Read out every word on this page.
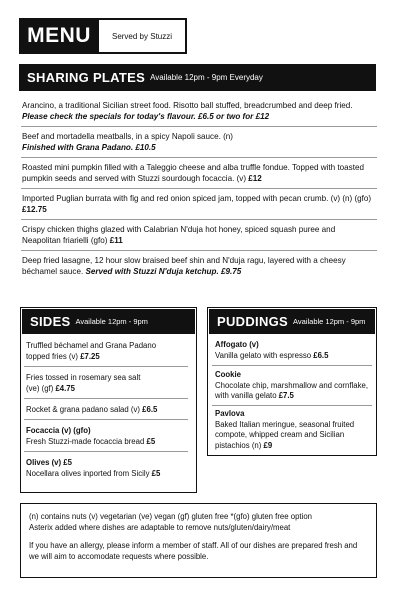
MENU	Served by Stuzzi
SHARING PLATES Available 12pm - 9pm Everyday
Arancino, a traditional Sicilian street food. Risotto ball stuffed, breadcrumbed and deep fried. Please check the specials for today's flavour. £6.5 or two for £12
Beef and mortadella meatballs, in a spicy Napoli sauce. (n)
Finished with Grana Padano. £10.5
Roasted mini pumpkin filled with a Taleggio cheese and alba truffle fondue. Topped with toasted pumpkin seeds and served with Stuzzi sourdough focaccia. (v) £12
Imported Puglian burrata with fig and red onion spiced jam, topped with pecan crumb. (v) (n) (gfo) £12.75
Crispy chicken thighs glazed with Calabrian N'duja hot honey, spiced squash puree and Neapolitan friarielli (gfo) £11
Deep fried lasagne, 12 hour slow braised beef shin and N'duja ragu, layered with a cheesy béchamel sauce. Served with Stuzzi N'duja ketchup. £9.75
SIDES Available 12pm - 9pm
Truffled béchamel and Grana Padano
topped fries (v) £7.25
Fries tossed in rosemary sea salt
(ve) (gf) £4.75
Rocket & grana padano salad (v) £6.5
Focaccia (v) (gfo)
Fresh Stuzzi-made focaccia bread £5
Olives (v) £5
Nocellara olives inported from Sicily £5
PUDDINGS Available 12pm - 9pm
Affogato (v)
Vanilla gelato with espresso £6.5
Cookie
Chocolate chip, marshmallow and cornflake, with vanilla gelato £7.5
Pavlova
Baked Italian meringue, seasonal fruited compote, whipped cream and Sicilian pistachios (n) £9

(n) contains nuts (v) vegetarian (ve) vegan (gf) gluten free *(gfo) gluten free option

Asterix added where dishes are adaptable to remove nuts/gluten/dairy/meat

If you have an allergy, please inform a member of staff. All of our dishes are prepared fresh and we will aim to accomodate requests where possible.
